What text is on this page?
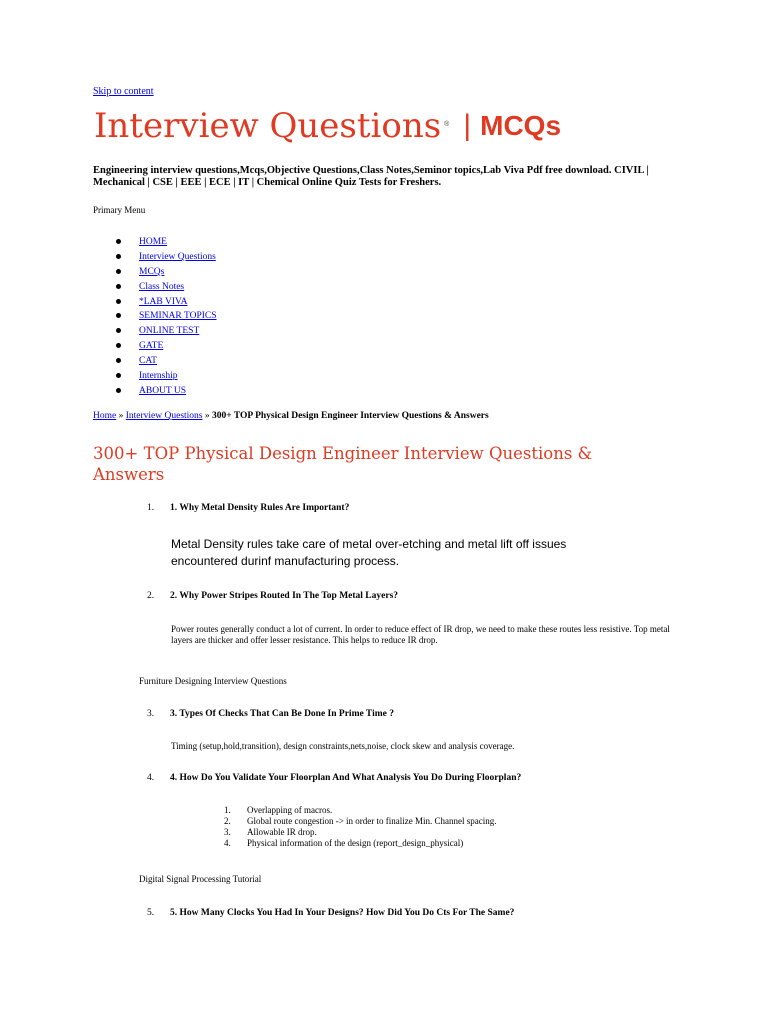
Skip to content
Interview Questions ® | MCQs
Engineering interview questions,Mcqs,Objective Questions,Class Notes,Seminor topics,Lab Viva Pdf free download. CIVIL | Mechanical | CSE | EEE | ECE | IT | Chemical Online Quiz Tests for Freshers.
Primary Menu
HOME
Interview Questions
MCQs
Class Notes
*LAB VIVA
SEMINAR TOPICS
ONLINE TEST
GATE
CAT
Internship
ABOUT US
Home » Interview Questions » 300+ TOP Physical Design Engineer Interview Questions & Answers
300+ TOP Physical Design Engineer Interview Questions & Answers
1. 1. Why Metal Density Rules Are Important?
Metal Density rules take care of metal over-etching and metal lift off issues encountered durinf manufacturing process.
2. 2. Why Power Stripes Routed In The Top Metal Layers?
Power routes generally conduct a lot of current. In order to reduce effect of IR drop, we need to make these routes less resistive. Top metal layers are thicker and offer lesser resistance. This helps to reduce IR drop.
Furniture Designing Interview Questions
3. 3. Types Of Checks That Can Be Done In Prime Time ?
Timing (setup,hold,transition), design constraints,nets,noise, clock skew and analysis coverage.
4. 4. How Do You Validate Your Floorplan And What Analysis You Do During Floorplan?
1. Overlapping of macros.
2. Global route congestion -> in order to finalize Min. Channel spacing.
3. Allowable IR drop.
4. Physical information of the design (report_design_physical)
Digital Signal Processing Tutorial
5. 5. How Many Clocks You Had In Your Designs? How Did You Do Cts For The Same?
